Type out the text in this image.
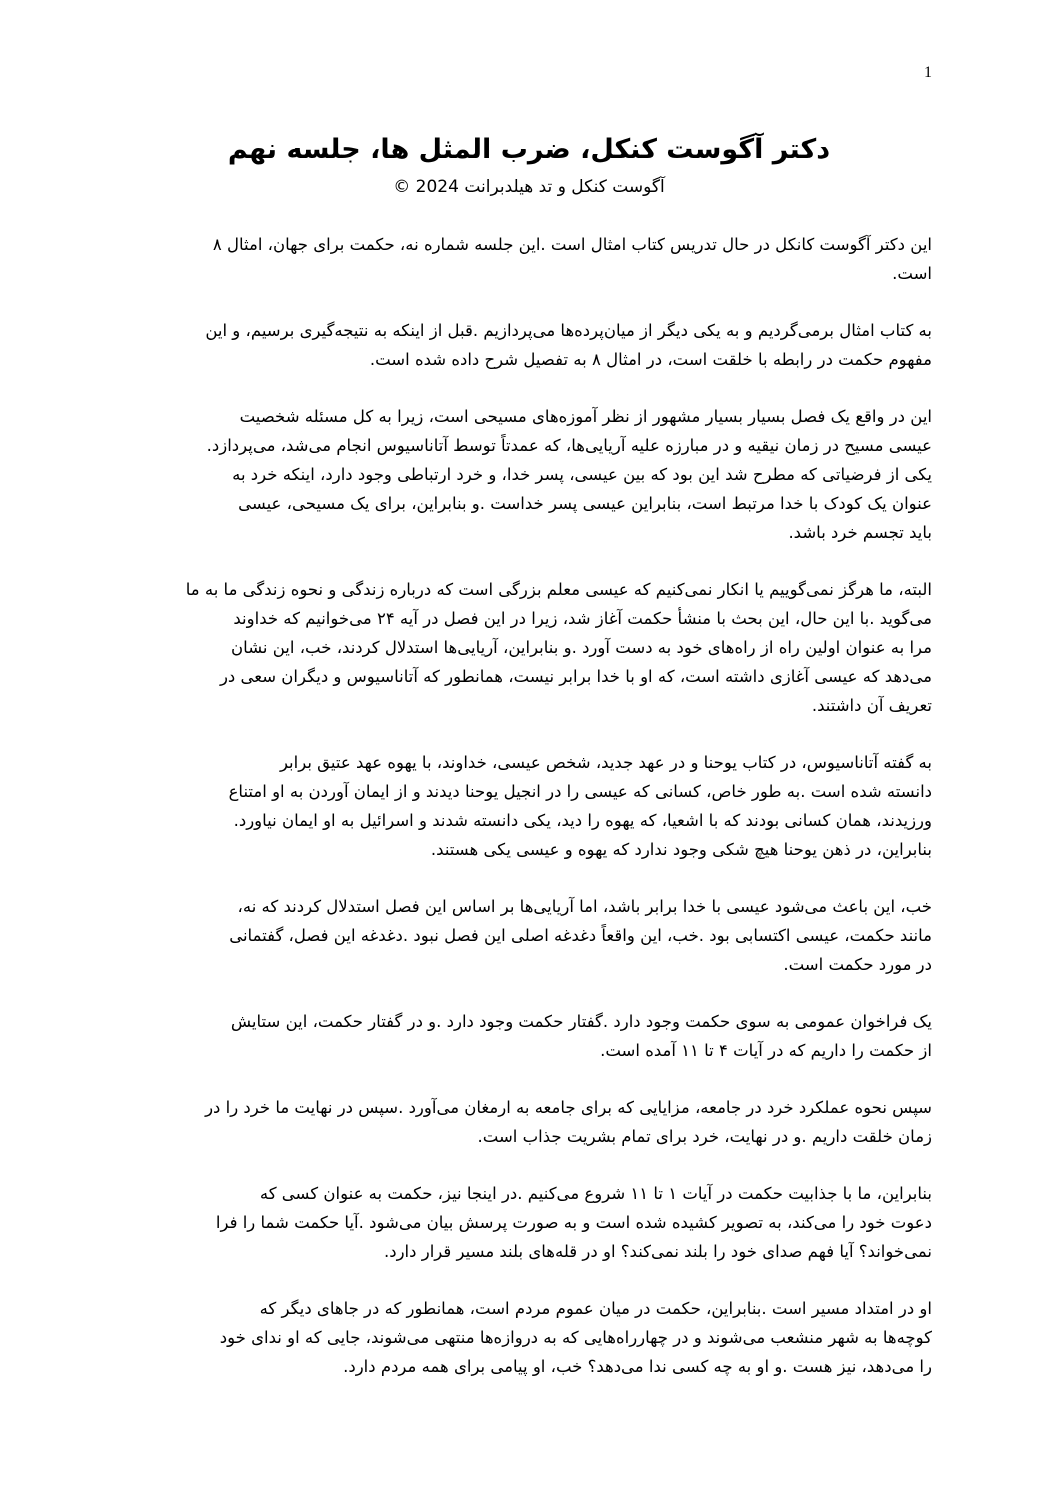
1
دکتر آگوست کنکل، ضرب المثل ها، جلسه نهم
آگوست کنکل و تد هیلدبرانت 2024 ©

این دکتر آگوست کانکل در حال تدریس کتاب امثال است .این جلسه شماره نه، حکمت برای جهان، امثال ۸
است.

به کتاب امثال برمی‌گردیم و به یکی دیگر از میان‌پرده‌ها می‌پردازیم .قبل از اینکه به نتیجه‌گیری برسیم، و این
مفهوم حکمت در رابطه با خلقت است، در امثال ۸ به تفصیل شرح داده شده است.

این در واقع یک فصل بسیار بسیار مشهور از نظر آموزه‌های مسیحی است، زیرا به کل مسئله شخصیت
عیسی مسیح در زمان نیقیه و در مبارزه علیه آریایی‌ها، که عمدتاً توسط آتاناسیوس انجام می‌شد، می‌پردازد.
یکی از فرضیاتی که مطرح شد این بود که بین عیسی، پسر خدا، و خرد ارتباطی وجود دارد، اینکه خرد به
عنوان یک کودک با خدا مرتبط است، بنابراین عیسی پسر خداست .و بنابراین، برای یک مسیحی، عیسی
باید تجسم خرد باشد.

البته، ما هرگز نمی‌گوییم یا انکار نمی‌کنیم که عیسی معلم بزرگی است که درباره زندگی و نحوه زندگی ما به ما
می‌گوید .با این حال، این بحث با منشأ حکمت آغاز شد، زیرا در این فصل در آیه ۲۴ می‌خوانیم که خداوند
مرا به عنوان اولین راه از راه‌های خود به دست آورد .و بنابراین، آریایی‌ها استدلال کردند، خب، این نشان
می‌دهد که عیسی آغازی داشته است، که او با خدا برابر نیست، همانطور که آتاناسیوس و دیگران سعی در
تعریف آن داشتند.

به گفته آتاناسیوس، در کتاب یوحنا و در عهد جدید، شخص عیسی، خداوند، با یهوه عهد عتیق برابر
دانسته شده است .به طور خاص، کسانی که عیسی را در انجیل یوحنا دیدند و از ایمان آوردن به او امتناع
ورزیدند، همان کسانی بودند که با اشعیا، که یهوه را دید، یکی دانسته شدند و اسرائیل به او ایمان نیاورد.
بنابراین، در ذهن یوحنا هیچ شکی وجود ندارد که یهوه و عیسی یکی هستند.

خب، این باعث می‌شود عیسی با خدا برابر باشد، اما آریایی‌ها بر اساس این فصل استدلال کردند که نه،
مانند حکمت، عیسی اکتسابی بود .خب، این واقعاً دغدغه اصلی این فصل نبود .دغدغه این فصل، گفتمانی
در مورد حکمت است.

یک فراخوان عمومی به سوی حکمت وجود دارد .گفتار حکمت وجود دارد .و در گفتار حکمت، این ستایش
از حکمت را داریم که در آیات ۴ تا ۱۱ آمده است.

سپس نحوه عملکرد خرد در جامعه، مزایایی که برای جامعه به ارمغان می‌آورد .سپس در نهایت ما خرد را در
زمان خلقت داریم .و در نهایت، خرد برای تمام بشریت جذاب است.

بنابراین، ما با جذابیت حکمت در آیات ۱ تا ۱۱ شروع می‌کنیم .در اینجا نیز، حکمت به عنوان کسی که
دعوت خود را می‌کند، به تصویر کشیده شده است و به صورت پرسش بیان می‌شود .آیا حکمت شما را فرا
نمی‌خواند؟ آیا فهم صدای خود را بلند نمی‌کند؟ او در قله‌های بلند مسیر قرار دارد.

او در امتداد مسیر است .بنابراین، حکمت در میان عموم مردم است، همانطور که در جاهای دیگر که
کوچه‌ها به شهر منشعب می‌شوند و در چهارراه‌هایی که به دروازه‌ها منتهی می‌شوند، جایی که او ندای خود
را می‌دهد، نیز هست .و او به چه کسی ندا می‌دهد؟ خب، او پیامی برای همه مردم دارد.
